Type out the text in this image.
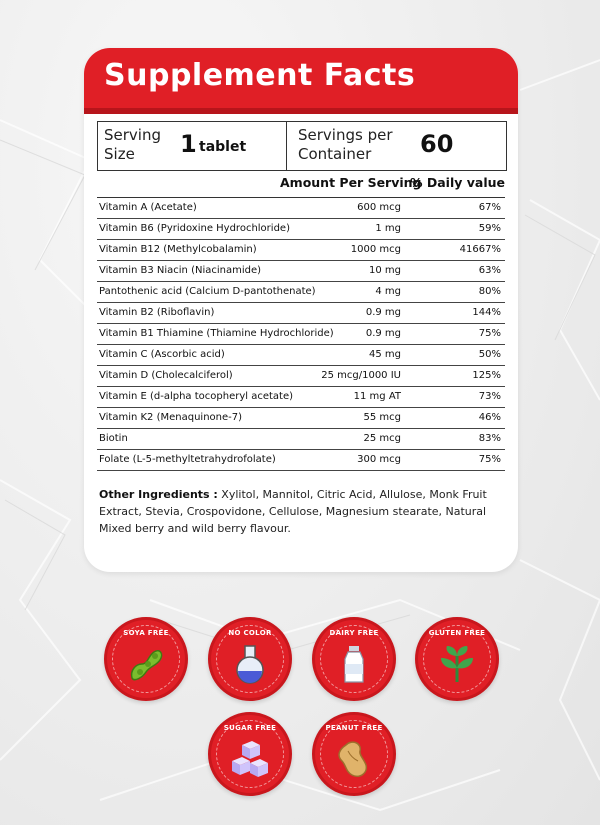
Supplement Facts
Serving
Size 1 tablet
Servings per
Container 60
Amount Per Serving
% Daily value
Vitamin A (Acetate)	600 mcg	67%
Vitamin B6 (Pyridoxine Hydrochloride)	1 mg	59%
Vitamin B12 (Methylcobalamin)	1000 mcg	41667%
Vitamin B3 Niacin (Niacinamide)	10 mg	63%
Pantothenic acid (Calcium D-pantothenate)	4 mg	80%
Vitamin B2 (Riboflavin)	0.9 mg	144%
Vitamin B1 Thiamine (Thiamine Hydrochloride)	0.9 mg	75%
Vitamin C (Ascorbic acid)	45 mg	50%
Vitamin D (Cholecalciferol)	25 mcg/1000 IU	125%
Vitamin E (d-alpha tocopheryl acetate)	11 mg AT	73%
Vitamin K2 (Menaquinone-7)	55 mcg	46%
Biotin	25 mcg	83%
Folate (L-5-methyltetrahydrofolate)	300 mcg	75%
Other Ingredients : Xylitol, Mannitol, Citric Acid, Allulose, Monk Fruit Extract, Stevia, Crospovidone, Cellulose, Magnesium stearate, Natural Mixed berry and wild berry flavour.
SOYA FREE	NO COLOR	DAIRY FREE	GLUTEN FREE
SUGAR FREE	PEANUT FREE
